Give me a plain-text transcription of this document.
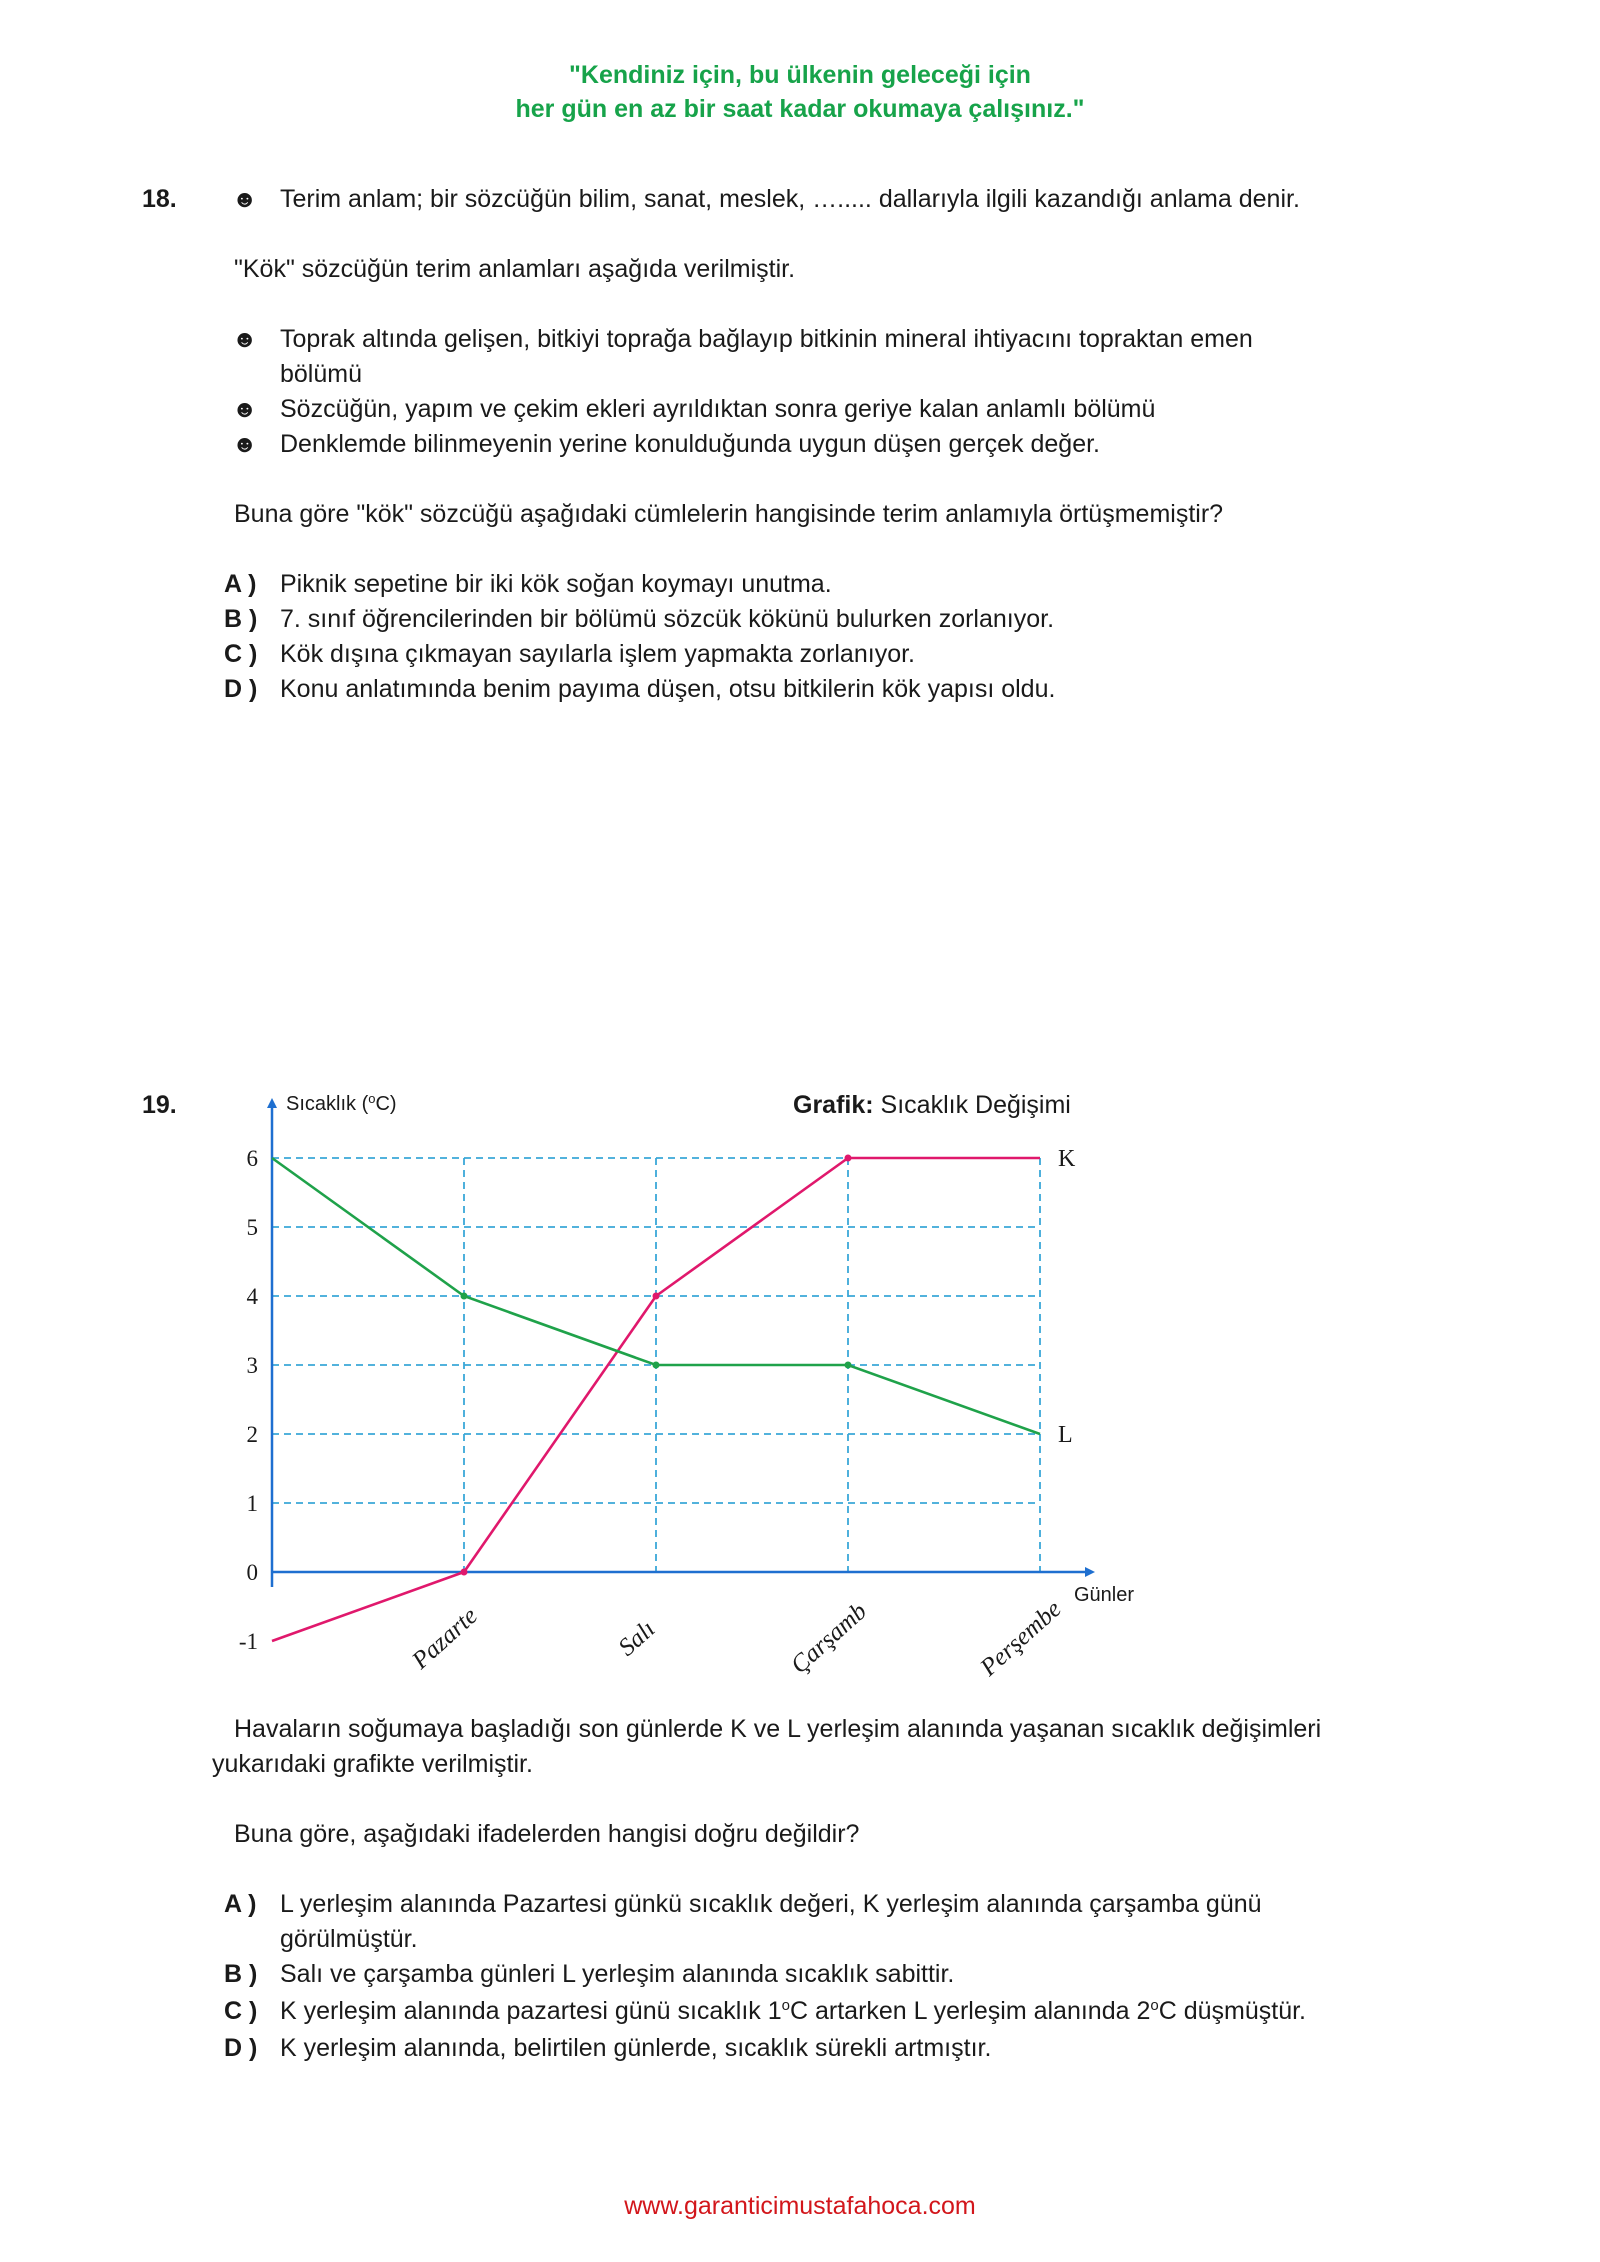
"Kendiniz için, bu ülkenin geleceği için
her gün en az bir saat kadar okumaya çalışınız."
18. ☻ Terim anlam; bir sözcüğün bilim, sanat, meslek, …..... dallarıyla ilgili kazandığı anlama denir.
"Kök" sözcüğün terim anlamları aşağıda verilmiştir.
☻ Toprak altında gelişen, bitkiyi toprağa bağlayıp bitkinin mineral ihtiyacını topraktan emen
bölümü
☻ Sözcüğün, yapım ve çekim ekleri ayrıldıktan sonra geriye kalan anlamlı bölümü
☻ Denklemde bilinmeyenin yerine konulduğunda uygun düşen gerçek değer.
Buna göre "kök" sözcüğü aşağıdaki cümlelerin hangisinde terim anlamıyla örtüşmemiştir?
A ) Piknik sepetine bir iki kök soğan koymayı unutma.
B ) 7. sınıf öğrencilerinden bir bölümü sözcük kökünü bulurken zorlanıyor.
C ) Kök dışına çıkmayan sayılarla işlem yapmakta zorlanıyor.
D ) Konu anlatımında benim payıma düşen, otsu bitkilerin kök yapısı oldu.
19.	Grafik: Sıcaklık Değişimi
Sıcaklık ($^o$C)
-1
0
1
2
3
4
5
6
Pazarte	Salı	Çarşamb	Perşembe
K
L
Günler
Havaların soğumaya başladığı son günlerde K ve L yerleşim alanında yaşanan sıcaklık değişimleri
yukarıdaki grafikte verilmiştir.
Buna göre, aşağıdaki ifadelerden hangisi doğru değildir?
A ) L yerleşim alanında Pazartesi günkü sıcaklık değeri, K yerleşim alanında çarşamba günü
görülmüştür.
B ) Salı ve çarşamba günleri L yerleşim alanında sıcaklık sabittir.
C ) K yerleşim alanında pazartesi günü sıcaklık 1$^o$C artarken L yerleşim alanında 2$^o$C düşmüştür.
D ) K yerleşim alanında, belirtilen günlerde, sıcaklık sürekli artmıştır.
www.garanticimustafahoca.com
